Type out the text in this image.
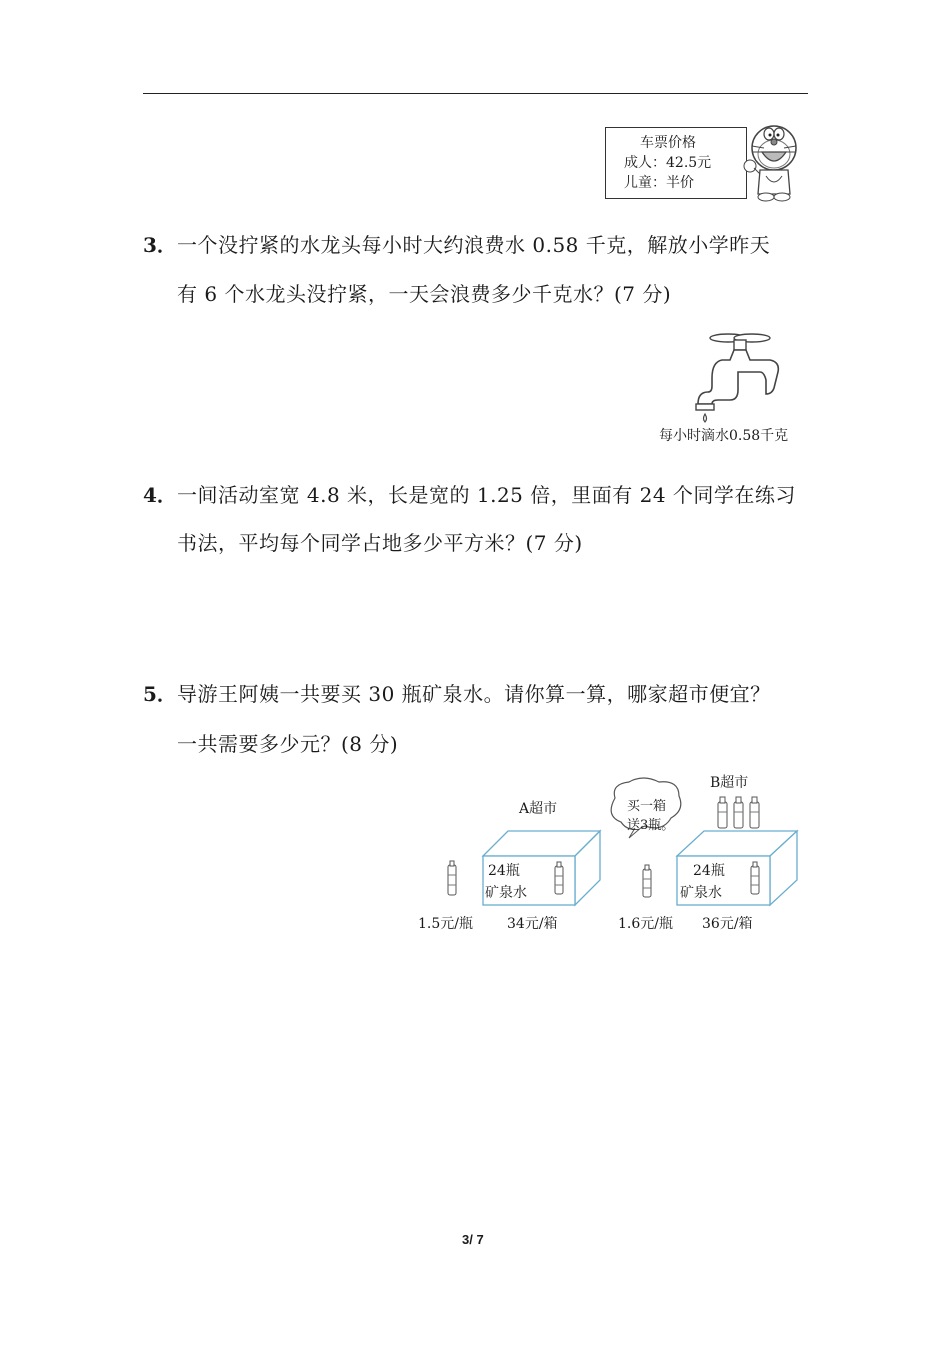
车票价格
成人：42.5元
儿童：半价
3． 一个没拧紧的水龙头每小时大约浪费水 0.58 千克，解放小学昨天
有 6 个水龙头没拧紧，一天会浪费多少千克水？(7 分)
每小时滴水0.58千克
4． 一间活动室宽 4.8 米，长是宽的 1.25 倍，里面有 24 个同学在练习
书法，平均每个同学占地多少平方米？(7 分)
5． 导游王阿姨一共要买 30 瓶矿泉水。请你算一算，哪家超市便宜？
一共需要多少元？(8 分)
A超市
24瓶
矿泉水
1.5元/瓶 34元/箱
B超市
买一箱
送3瓶。
24瓶
矿泉水
1.6元/瓶 36元/箱
3/ 7
